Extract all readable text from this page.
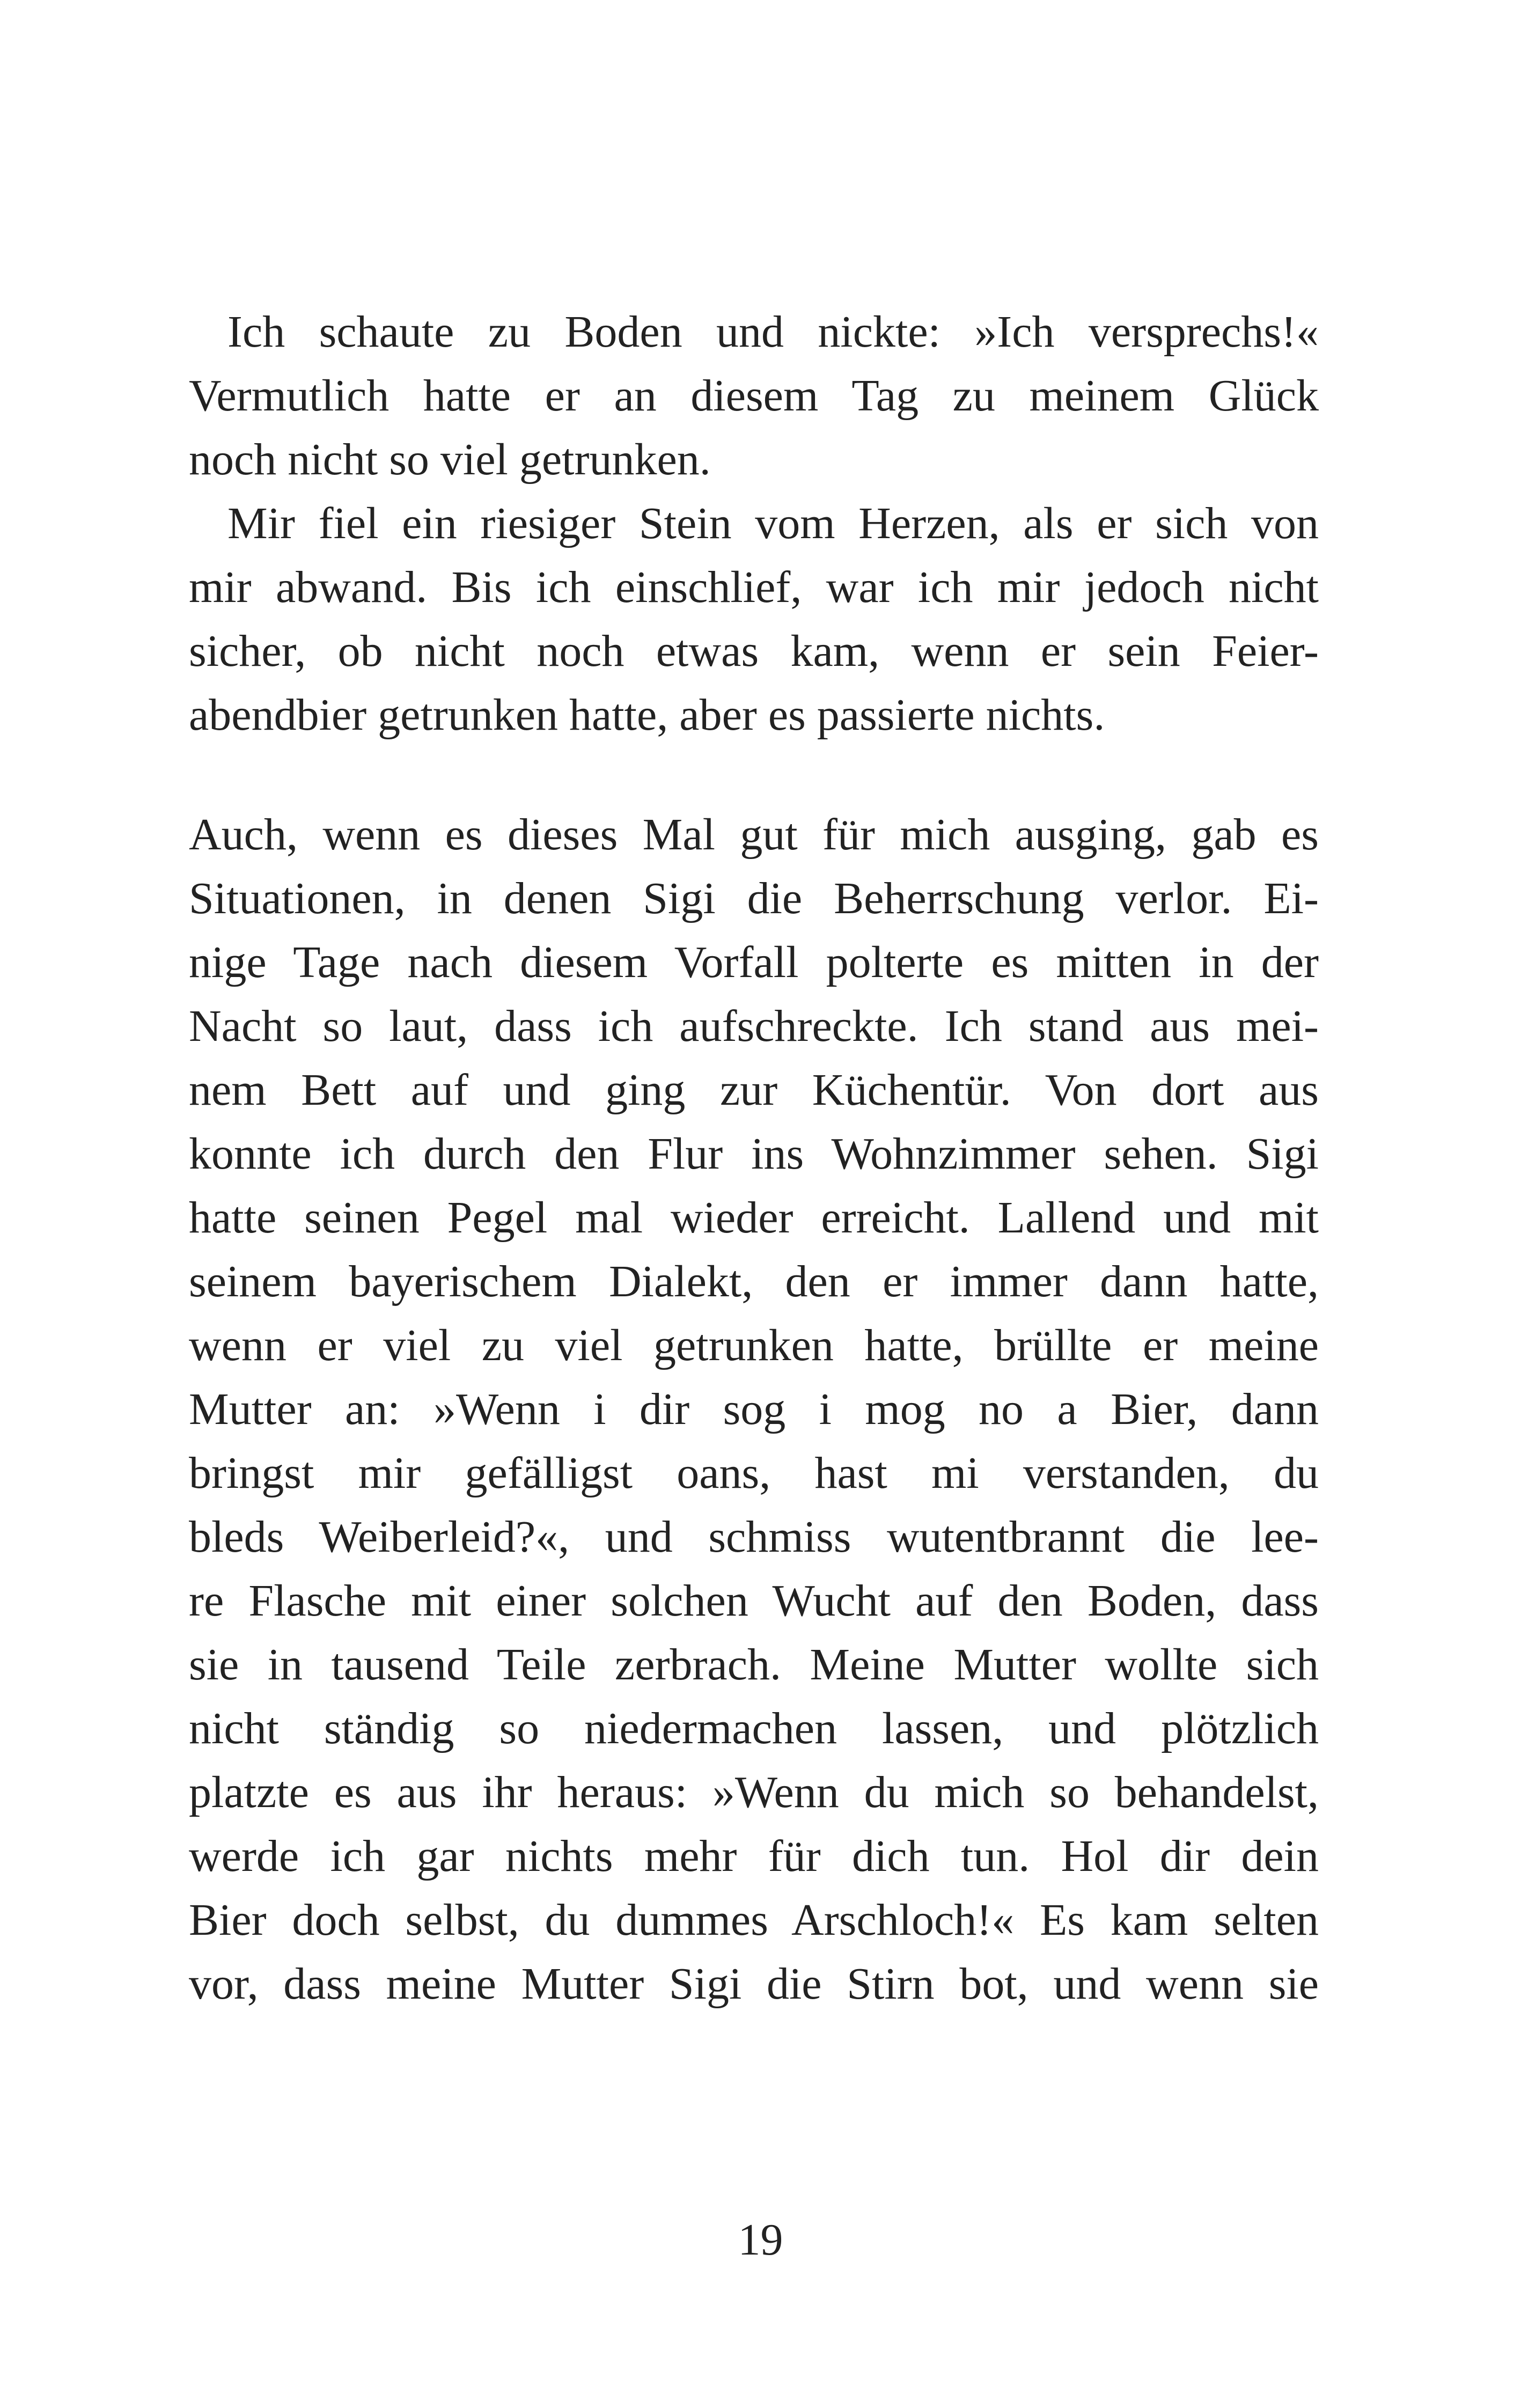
Ich schaute zu Boden und nickte: »Ich versprechs!«
Vermutlich hatte er an diesem Tag zu meinem Glück
noch nicht so viel getrunken.
Mir fiel ein riesiger Stein vom Herzen, als er sich von
mir abwand. Bis ich einschlief, war ich mir jedoch nicht
sicher, ob nicht noch etwas kam, wenn er sein Feier-
abendbier getrunken hatte, aber es passierte nichts.
Auch, wenn es dieses Mal gut für mich ausging, gab es
Situationen, in denen Sigi die Beherrschung verlor. Ei-
nige Tage nach diesem Vorfall polterte es mitten in der
Nacht so laut, dass ich aufschreckte. Ich stand aus mei-
nem Bett auf und ging zur Küchentür. Von dort aus
konnte ich durch den Flur ins Wohnzimmer sehen. Sigi
hatte seinen Pegel mal wieder erreicht. Lallend und mit
seinem bayerischem Dialekt, den er immer dann hatte,
wenn er viel zu viel getrunken hatte, brüllte er meine
Mutter an: »Wenn i dir sog i mog no a Bier, dann
bringst mir gefälligst oans, hast mi verstanden, du
bleds Weiberleid?«, und schmiss wutentbrannt die lee-
re Flasche mit einer solchen Wucht auf den Boden, dass
sie in tausend Teile zerbrach. Meine Mutter wollte sich
nicht ständig so niedermachen lassen, und plötzlich
platzte es aus ihr heraus: »Wenn du mich so behandelst,
werde ich gar nichts mehr für dich tun. Hol dir dein
Bier doch selbst, du dummes Arschloch!« Es kam selten
vor, dass meine Mutter Sigi die Stirn bot, und wenn sie
19
